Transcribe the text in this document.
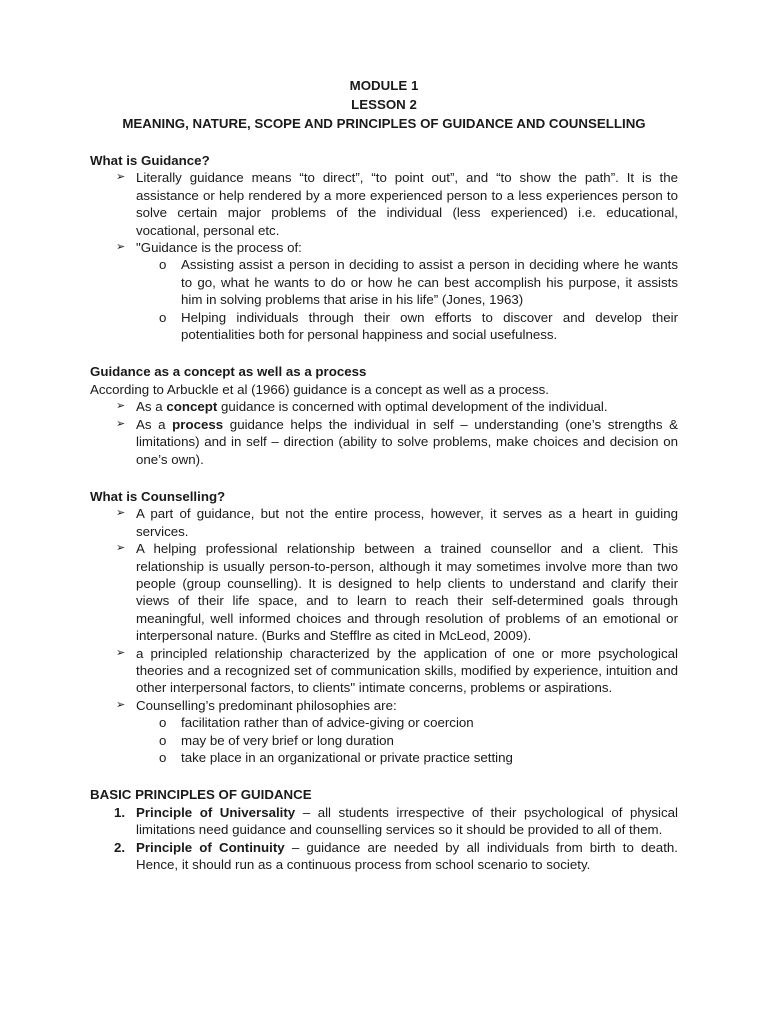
MODULE 1

LESSON 2

MEANING, NATURE, SCOPE AND PRINCIPLES OF GUIDANCE AND COUNSELLING

What is Guidance?
➢ Literally guidance means “to direct”, “to point out”, and “to show the path”. It is the assistance or help rendered by a more experienced person to a less experiences person to solve certain major problems of the individual (less experienced) i.e. educational, vocational, personal etc.
➢ "Guidance is the process of:
o Assisting assist a person in deciding to assist a person in deciding where he wants to go, what he wants to do or how he can best accomplish his purpose, it assists him in solving problems that arise in his life” (Jones, 1963)
o Helping individuals through their own efforts to discover and develop their potentialities both for personal happiness and social usefulness.
Guidance as a concept as well as a process

According to Arbuckle et al (1966) guidance is a concept as well as a process.

➢ As a concept guidance is concerned with optimal development of the individual.
➢ As a process guidance helps the individual in self – understanding (one’s strengths & limitations) and in self – direction (ability to solve problems, make choices and decision on one’s own).
What is Counselling?
➢ A part of guidance, but not the entire process, however, it serves as a heart in guiding services.
➢ A helping professional relationship between a trained counsellor and a client. This relationship is usually person-to-person, although it may sometimes involve more than two people (group counselling). It is designed to help clients to understand and clarify their views of their life space, and to learn to reach their self-determined goals through meaningful, well informed choices and through resolution of problems of an emotional or interpersonal nature. (Burks and Stefflre as cited in McLeod, 2009).
➢ a principled relationship characterized by the application of one or more psychological theories and a recognized set of communication skills, modified by experience, intuition and other interpersonal factors, to clients" intimate concerns, problems or aspirations.
➢ Counselling’s predominant philosophies are:
o facilitation rather than of advice-giving or coercion
o may be of very brief or long duration
o take place in an organizational or private practice setting
BASIC PRINCIPLES OF GUIDANCE
1. Principle of Universality – all students irrespective of their psychological of physical limitations need guidance and counselling services so it should be provided to all of them.
2. Principle of Continuity – guidance are needed by all individuals from birth to death. Hence, it should run as a continuous process from school scenario to society.
